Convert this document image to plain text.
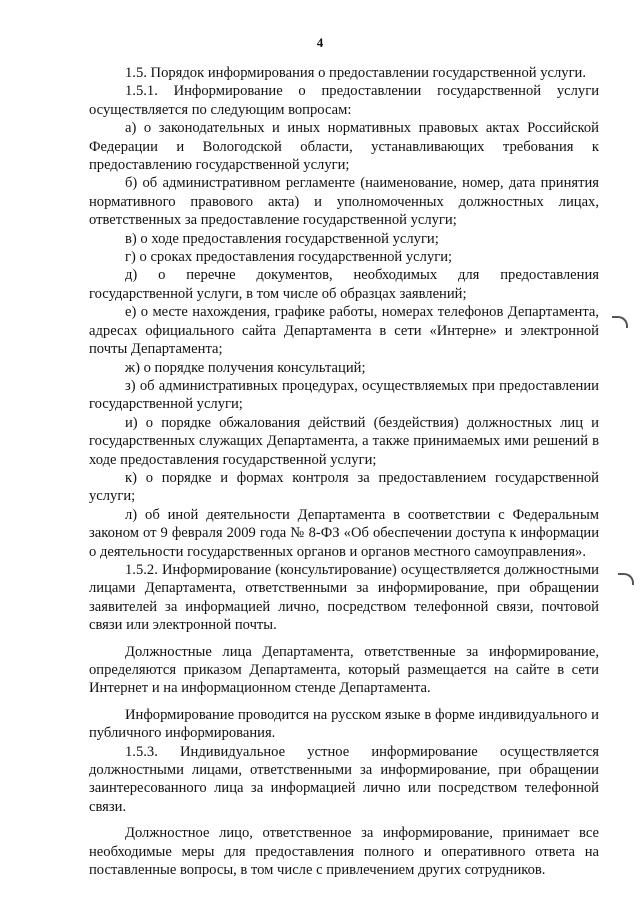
4

1.5. Порядок информирования о предоставлении государственной услуги.

1.5.1. Информирование о предоставлении государственной услуги осуществляется по следующим вопросам:

а) о законодательных и иных нормативных правовых актах Российской Федерации и Вологодской области, устанавливающих требования к предоставлению государственной услуги;

б) об административном регламенте (наименование, номер, дата принятия нормативного правового акта) и уполномоченных должностных лицах, ответственных за предоставление государственной услуги;

в) о ходе предоставления государственной услуги;

г) о сроках предоставления государственной услуги;

д) о перечне документов, необходимых для предоставления государственной услуги, в том числе об образцах заявлений;

е) о месте нахождения, графике работы, номерах телефонов Департамента, адресах официального сайта Департамента в сети «Интерне» и электронной почты Департамента;

ж) о порядке получения консультаций;

з) об административных процедурах, осуществляемых при предоставлении государственной услуги;

и) о порядке обжалования действий (бездействия) должностных лиц и государственных служащих Департамента, а также принимаемых ими решений в ходе предоставления государственной услуги;

к) о порядке и формах контроля за предоставлением государственной услуги;

л) об иной деятельности Департамента в соответствии с Федеральным законом от 9 февраля 2009 года № 8-ФЗ «Об обеспечении доступа к информации о деятельности государственных органов и органов местного самоуправления».

1.5.2. Информирование (консультирование) осуществляется должностными лицами Департамента, ответственными за информирование, при обращении заявителей за информацией лично, посредством телефонной связи, почтовой связи или электронной почты.

Должностные лица Департамента, ответственные за информирование, определяются приказом Департамента, который размещается на сайте в сети Интернет и на информационном стенде Департамента.

Информирование проводится на русском языке в форме индивидуального и публичного информирования.

1.5.3. Индивидуальное устное информирование осуществляется должностными лицами, ответственными за информирование, при обращении заинтересованного лица за информацией лично или посредством телефонной связи.

Должностное лицо, ответственное за информирование, принимает все необходимые меры для предоставления полного и оперативного ответа на поставленные вопросы, в том числе с привлечением других сотрудников.
